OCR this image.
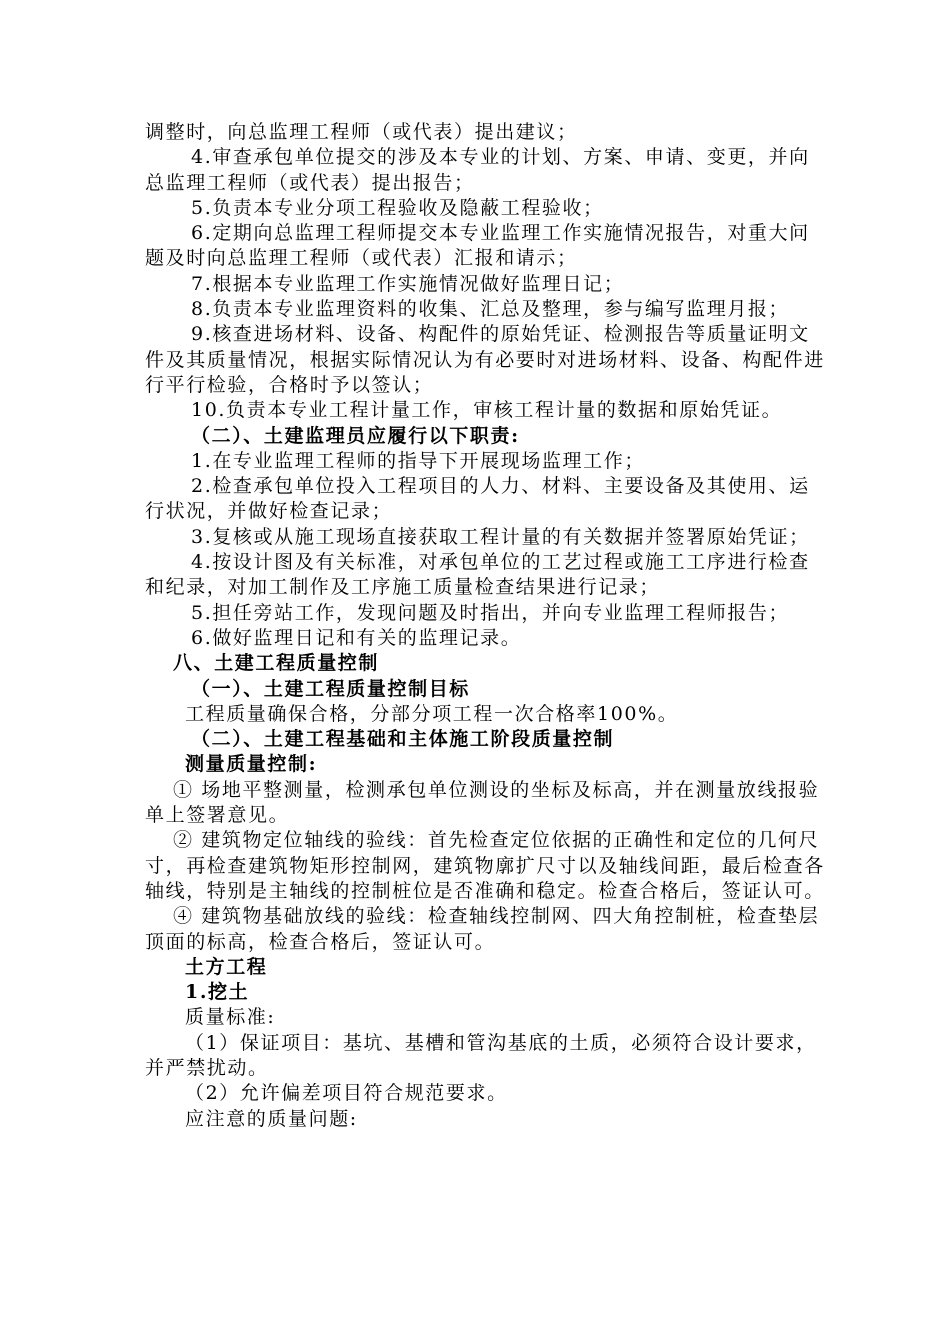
调整时，向总监理工程师（或代表）提出建议；

4.审查承包单位提交的涉及本专业的计划、方案、申请、变更，并向总监理工程师（或代表）提出报告；

5.负责本专业分项工程验收及隐蔽工程验收；

6.定期向总监理工程师提交本专业监理工作实施情况报告，对重大问题及时向总监理工程师（或代表）汇报和请示；

7.根据本专业监理工作实施情况做好监理日记；

8.负责本专业监理资料的收集、汇总及整理，参与编写监理月报；

9.核查进场材料、设备、构配件的原始凭证、检测报告等质量证明文件及其质量情况，根据实际情况认为有必要时对进场材料、设备、构配件进行平行检验，合格时予以签认；

10.负责本专业工程计量工作，审核工程计量的数据和原始凭证。

（二）、土建监理员应履行以下职责:

1.在专业监理工程师的指导下开展现场监理工作；

2.检查承包单位投入工程项目的人力、材料、主要设备及其使用、运行状况，并做好检查记录；

3.复核或从施工现场直接获取工程计量的有关数据并签署原始凭证；

4.按设计图及有关标准，对承包单位的工艺过程或施工工序进行检查和纪录，对加工制作及工序施工质量检查结果进行记录；

5.担任旁站工作，发现问题及时指出，并向专业监理工程师报告；

6.做好监理日记和有关的监理记录。

八、土建工程质量控制

（一）、土建工程质量控制目标

工程质量确保合格，分部分项工程一次合格率100%。

（二）、土建工程基础和主体施工阶段质量控制

测量质量控制:

① 场地平整测量，检测承包单位测设的坐标及标高，并在测量放线报验单上签署意见。

② 建筑物定位轴线的验线：首先检查定位依据的正确性和定位的几何尺寸，再检查建筑物矩形控制网，建筑物廓扩尺寸以及轴线间距，最后检查各轴线，特别是主轴线的控制桩位是否准确和稳定。检查合格后，签证认可。

④ 建筑物基础放线的验线：检查轴线控制网、四大角控制桩，检查垫层顶面的标高，检查合格后，签证认可。

土方工程

1.挖土

质量标准:

（1）保证项目：基坑、基槽和管沟基底的土质，必须符合设计要求，并严禁扰动。

（2）允许偏差项目符合规范要求。

应注意的质量问题:
